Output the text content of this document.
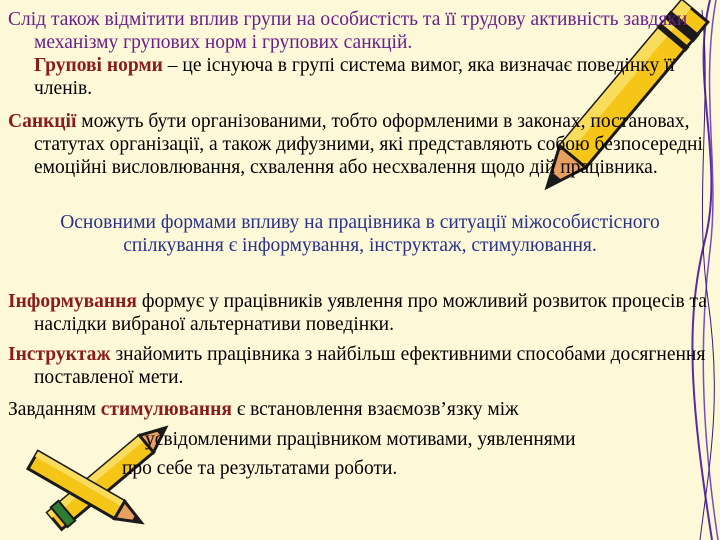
Слід також відмітити вплив групи на особистість та її трудову активність завдяки механізму групових норм і групових санкцій.
Групові норми – це існуюча в групі система вимог, яка визначає поведінку її членів.
Санкції можуть бути організованими, тобто оформленими в законах, постановах, статутах організації, а також дифузними, які представляють собою безпосередні емоційні висловлювання, схвалення або несхвалення щодо дій працівника.
Основними формами впливу на працівника в ситуації міжособистісного спілкування є інформування, інструктаж, стимулювання.
Інформування формує у працівників уявлення про можливий розвиток процесів та наслідки вибраної альтернативи поведінки.
Інструктаж знайомить працівника з найбільш ефективними способами досягнення поставленої мети.
Завданням стимулювання є встановлення взаємозв’язку між
усвідомленими працівником мотивами, уявленнями
про себе та результатами роботи.
